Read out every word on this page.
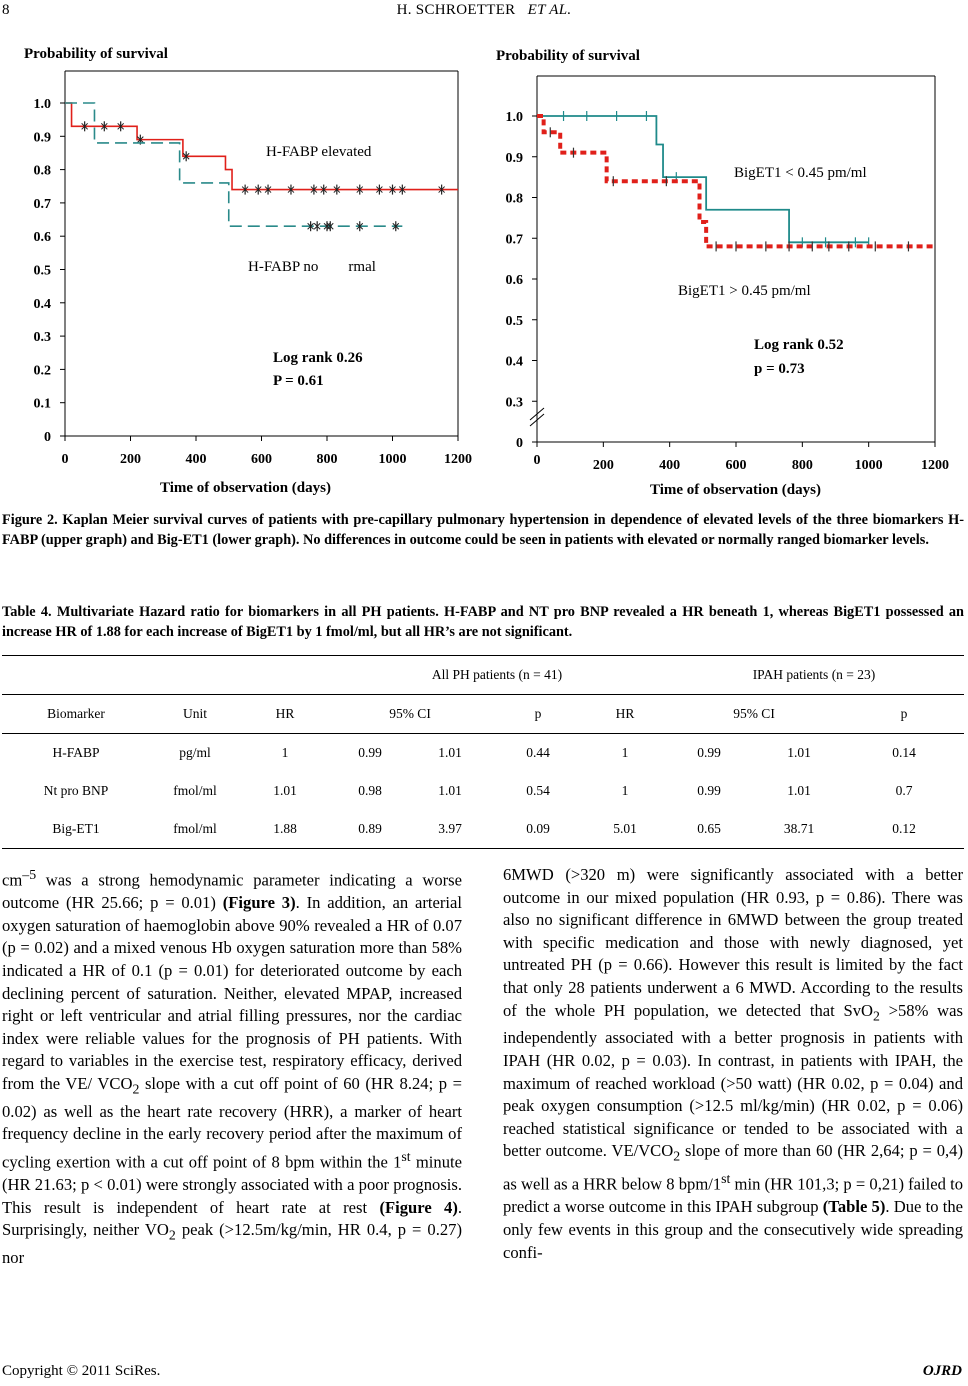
8	H. SCHROETTER ET AL.
Probability of survival
0
0.1
0.2
0.3
0.4
0.5
0.6
0.7
0.8
0.9
1.0
0	200	400	600	800	1000	1200
Time of observation (days)
H-FABP elevated
H-FABP no        rmal
Log rank 0.26
P = 0.61
Probability of survival
0
0.3
0.4
0.5
0.6
0.7
0.8
0.9
1.0
0	200	400	600	800	1000	1200
Time of observation (days)
BigET1 < 0.45 pm/ml
BigET1 > 0.45 pm/ml
Log rank 0.52
p = 0.73
Figure 2. Kaplan Meier survival curves of patients with pre-capillary pulmonary hypertension in dependence of elevated levels of the three biomarkers H-FABP (upper graph) and Big-ET1 (lower graph). No differences in outcome could be seen in patients with elevated or normally ranged biomarker levels.
Table 4. Multivariate Hazard ratio for biomarkers in all PH patients. H-FABP and NT pro BNP revealed a HR beneath 1, whereas BigET1 possessed an increase HR of 1.88 for each increase of BigET1 by 1 fmol/ml, but all HR’s are not significant.
			All PH patients (n = 41)				IPAH patients (n = 23)		
Biomarker	Unit	HR	95% CI		p	HR	95% CI		p
H-FABP	pg/ml	1	0.99	1.01	0.44	1	0.99	1.01	0.14
Nt pro BNP	fmol/ml	1.01	0.98	1.01	0.54	1	0.99	1.01	0.7
Big-ET1	fmol/ml	1.88	0.89	3.97	0.09	5.01	0.65	38.71	0.12

$cm^{-5}$ was a strong hemodynamic parameter indicating a worse outcome (HR 25.66; p = 0.01) (Figure 3). In addition, an arterial oxygen saturation of haemoglobin above 90% revealed a HR of 0.07 (p = 0.02) and a mixed venous Hb oxygen saturation more than 58% indicated a HR of 0.1 (p = 0.01) for deteriorated outcome by each declining percent of saturation. Neither, elevated MPAP, increased right or left ventricular and atrial filling pressures, nor the cardiac index were reliable values for the prognosis of PH patients. With regard to variables in the exercise test, respiratory efficacy, derived from the VE/ $VCO_2$ slope with a cut off point of 60 (HR 8.24; p = 0.02) as well as the heart rate recovery (HRR), a marker of heart frequency decline in the early recovery period after the maximum of cycling exertion with a cut off point of 8 bpm within the 1st minute (HR 21.63; p < 0.01) were strongly associated with a poor prognosis. This result is independent of heart rate at rest (Figure 4). Surprisingly, neither $VO_2$ peak (>12.5m/kg/min, HR 0.4, p = 0.27) nor

6MWD (>320 m) were significantly associated with a better outcome in our mixed population (HR 0.93, p = 0.86). There was also no significant difference in 6MWD between the group treated with specific medication and those with newly diagnosed, yet untreated PH (p = 0.66). However this result is limited by the fact that only 28 patients underwent a 6 MWD. According to the results of the whole PH population, we detected that SvO$_2$ >58% was independently associated with a better prognosis in patients with IPAH (HR 0.02, p = 0.03). In contrast, in patients with IPAH, the maximum of reached workload (>50 watt) (HR 0.02, p = 0.04) and peak oxygen consumption (>12.5 ml/kg/min) (HR 0.02, p = 0.06) reached statistical significance or tended to be associated with a better outcome. $VE/VCO_2$ slope of more than 60 (HR 2,64; p = 0,4) as well as a HRR below 8 bpm/1st min (HR 101,3; p = 0,21) failed to predict a worse outcome in this IPAH subgroup (Table 5). Due to the only few events in this group and the consecutively wide spreading confi-

Copyright © 2011 SciRes.	OJRD
